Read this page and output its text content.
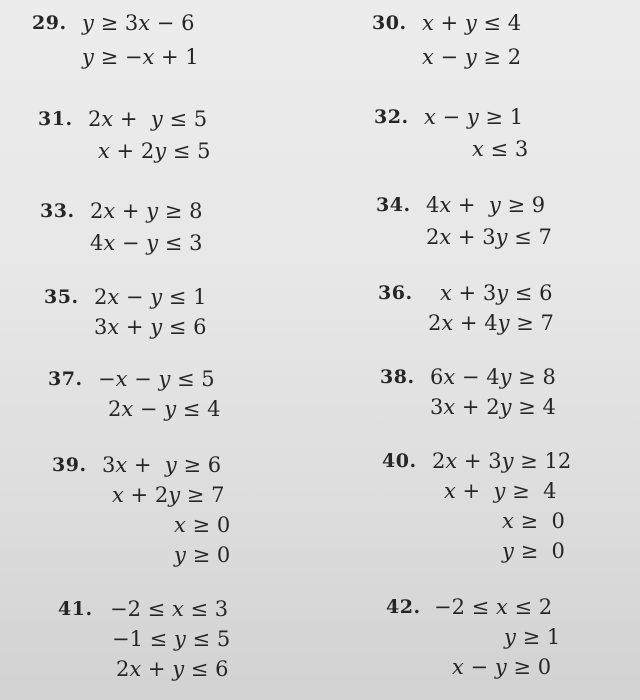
29. y ≥ 3x − 6
y ≥ −x + 1
30. x + y ≤ 4
x − y ≥ 2
31. 2x + y ≤ 5
x + 2y ≤ 5
32. x − y ≥ 1
x ≤ 3
33. 2x + y ≥ 8
4x − y ≤ 3
34. 4x + y ≥ 9
2x + 3y ≤ 7
35. 2x − y ≤ 1
3x + y ≤ 6
36. x + 3y ≤ 6
2x + 4y ≥ 7
37. −x − y ≤ 5
2x − y ≤ 4
38. 6x − 4y ≥ 8
3x + 2y ≥ 4
39. 3x + y ≥ 6
x + 2y ≥ 7
x ≥ 0
y ≥ 0
40. 2x + 3y ≥ 12
x + y ≥ 4
x ≥ 0
y ≥ 0
41. −2 ≤ x ≤ 3
−1 ≤ y ≤ 5
2x + y ≤ 6
42. −2 ≤ x ≤ 2
y ≥ 1
x − y ≥ 0
